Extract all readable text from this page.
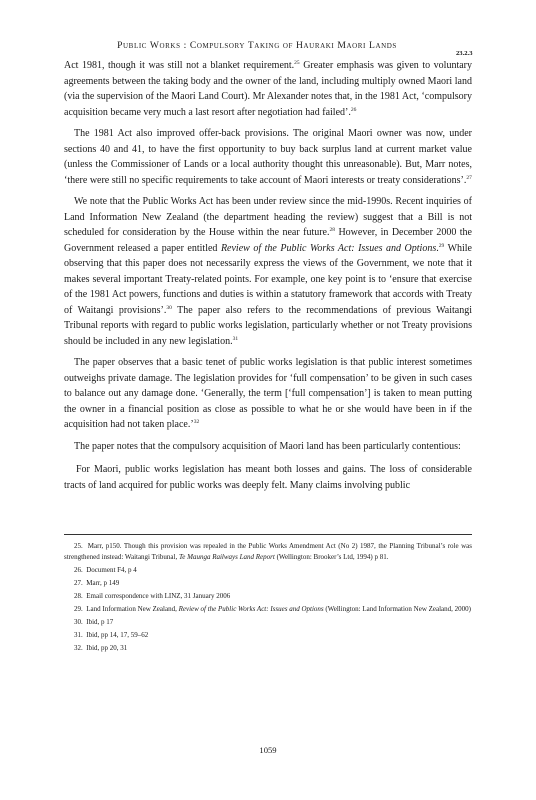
Public Works : Compulsory Taking of Hauraki Maori Lands
23.2.3

Act 1981, though it was still not a blanket requirement.$^{25}$ Greater emphasis was given to voluntary agreements between the taking body and the owner of the land, including multiply owned Maori land (via the supervision of the Maori Land Court). Mr Alexander notes that, in the 1981 Act, ‘compulsory acquisition became very much a last resort after negotiation had failed’.$^{26}$

The 1981 Act also improved offer-back provisions. The original Maori owner was now, under sections 40 and 41, to have the first opportunity to buy back surplus land at current market value (unless the Commissioner of Lands or a local authority thought this unreasonable). But, Marr notes, ‘there were still no specific requirements to take account of Maori interests or treaty considerations’.$^{27}$

We note that the Public Works Act has been under review since the mid-1990s. Recent inquiries of Land Information New Zealand (the department heading the review) suggest that a Bill is not scheduled for consideration by the House within the near future.$^{28}$ However, in December 2000 the Government released a paper entitled Review of the Public Works Act: Issues and Options.$^{29}$ While observing that this paper does not necessarily express the views of the Government, we note that it makes several important Treaty-related points. For example, one key point is to ‘ensure that exercise of the 1981 Act powers, functions and duties is within a statutory framework that accords with Treaty of Waitangi provisions’.$^{30}$ The paper also refers to the recommendations of previous Waitangi Tribunal reports with regard to public works legislation, particularly whether or not Treaty provisions should be included in any new legislation.$^{31}$

The paper observes that a basic tenet of public works legislation is that public interest sometimes outweighs private damage. The legislation provides for ‘full compensation’ to be given in such cases to balance out any damage done. ‘Generally, the term [‘full compensation’] is taken to mean putting the owner in a financial position as close as possible to what he or she would have been in if the acquisition had not taken place.’$^{32}$

The paper notes that the compulsory acquisition of Maori land has been particularly contentious:

For Maori, public works legislation has meant both losses and gains. The loss of considerable tracts of land acquired for public works was deeply felt. Many claims involving public

25.  Marr, p150. Though this provision was repealed in the Public Works Amendment Act (No 2) 1987, the Planning Tribunal’s role was strengthened instead: Waitangi Tribunal, Te Maunga Railways Land Report (Wellington: Brooker’s Ltd, 1994) p 81.
26.  Document F4, p 4
27.  Marr, p 149
28.  Email correspondence with LINZ, 31 January 2006
29.  Land Information New Zealand, Review of the Public Works Act: Issues and Options (Wellington: Land Information New Zealand, 2000)
30.  Ibid, p 17
31.  Ibid, pp 14, 17, 59–62
32.  Ibid, pp 20, 31
1059
